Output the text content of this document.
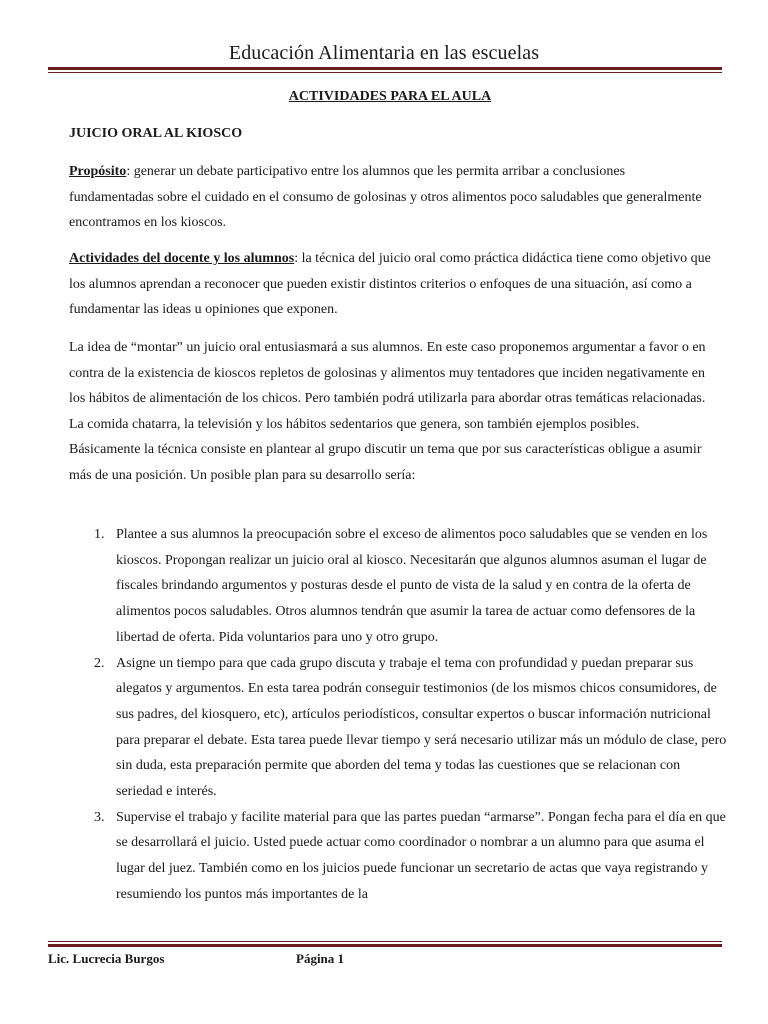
Educación Alimentaria en las escuelas
ACTIVIDADES PARA EL AULA
JUICIO ORAL AL KIOSCO

Propósito: generar un debate participativo entre los alumnos que les permita arribar a conclusiones fundamentadas sobre el cuidado en el consumo de golosinas y otros alimentos poco saludables que generalmente encontramos en los kioscos.

Actividades del docente y los alumnos: la técnica del juicio oral como práctica didáctica tiene como objetivo que los alumnos aprendan a reconocer que pueden existir distintos criterios o enfoques de una situación, así como a fundamentar las ideas u opiniones que exponen.

La idea de “montar” un juicio oral entusiasmará a sus alumnos. En este caso proponemos argumentar a favor o en contra de la existencia de kioscos repletos de golosinas y alimentos muy tentadores que inciden negativamente en los hábitos de alimentación de los chicos. Pero también podrá utilizarla para abordar otras temáticas relacionadas. La comida chatarra, la televisión y los hábitos sedentarios que genera, son también ejemplos posibles. Básicamente la técnica consiste en plantear al grupo discutir un tema que por sus características obligue a asumir más de una posición. Un posible plan para su desarrollo sería:

1. Plantee a sus alumnos la preocupación sobre el exceso de alimentos poco saludables que se venden en los kioscos. Propongan realizar un juicio oral al kiosco. Necesitarán que algunos alumnos asuman el lugar de fiscales brindando argumentos y posturas desde el punto de vista de la salud y en contra de la oferta de alimentos pocos saludables. Otros alumnos tendrán que asumir la tarea de actuar como defensores de la libertad de oferta. Pida voluntarios para uno y otro grupo.
2. Asigne un tiempo para que cada grupo discuta y trabaje el tema con profundidad y puedan preparar sus alegatos y argumentos. En esta tarea podrán conseguir testimonios (de los mismos chicos consumidores, de sus padres, del kiosquero, etc), artículos periodísticos, consultar expertos o buscar información nutricional para preparar el debate. Esta tarea puede llevar tiempo y será necesario utilizar más un módulo de clase, pero sin duda, esta preparación permite que aborden del tema y todas las cuestiones que se relacionan con seriedad e interés.
3. Supervise el trabajo y facilite material para que las partes puedan “armarse”. Pongan fecha para el día en que se desarrollará el juicio. Usted puede actuar como coordinador o nombrar a un alumno para que asuma el lugar del juez. También como en los juicios puede funcionar un secretario de actas que vaya registrando y resumiendo los puntos más importantes de la
Lic. Lucrecia Burgos	Página 1
